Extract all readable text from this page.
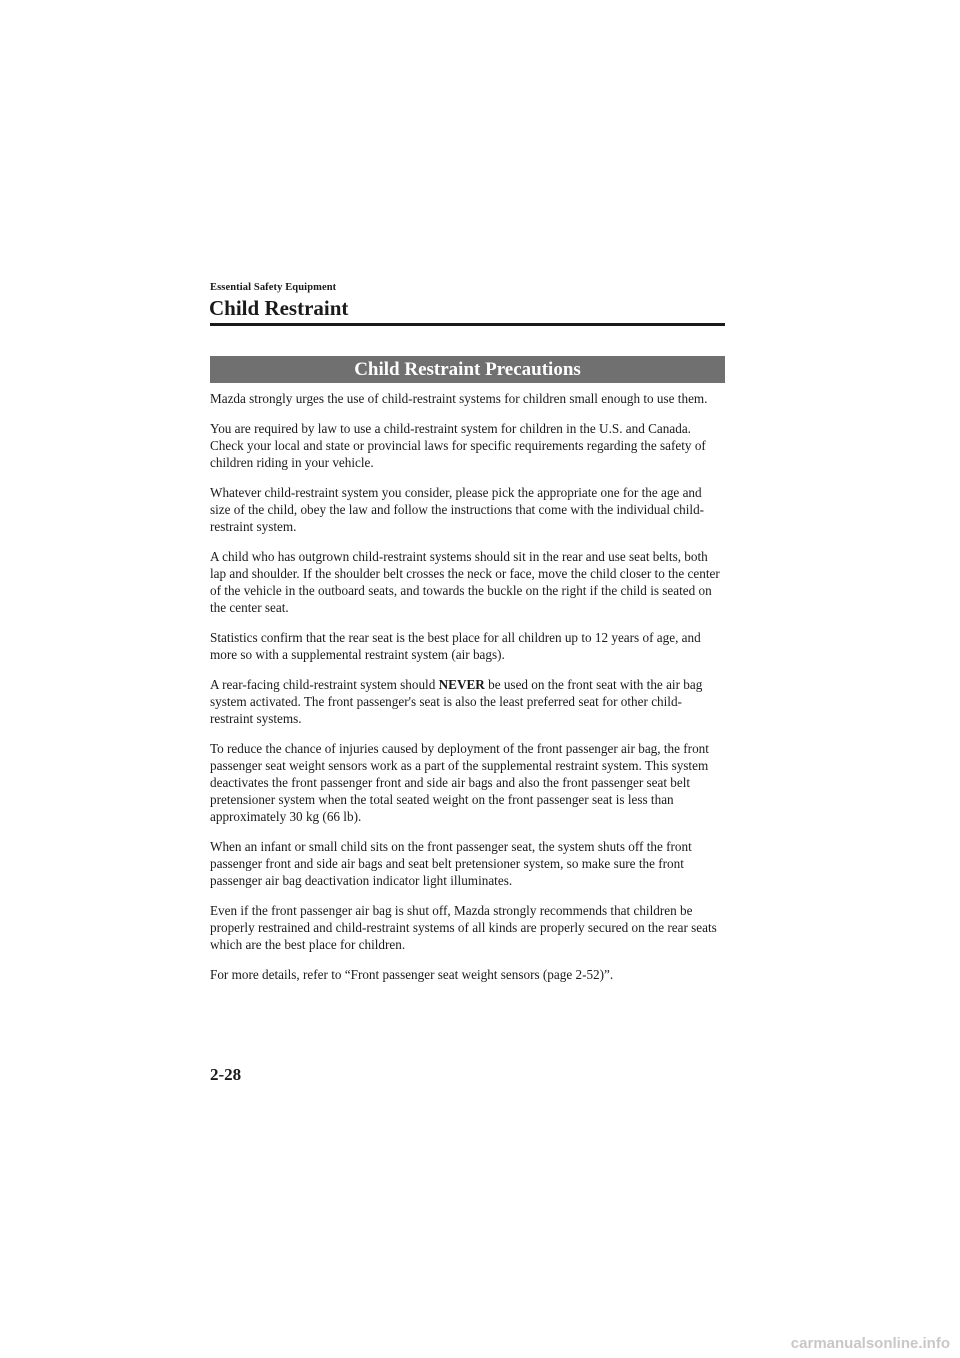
Essential Safety Equipment
Child Restraint
Child Restraint Precautions

Mazda strongly urges the use of child-restraint systems for children small enough to use them.

You are required by law to use a child-restraint system for children in the U.S. and Canada. Check your local and state or provincial laws for specific requirements regarding the safety of children riding in your vehicle.

Whatever child-restraint system you consider, please pick the appropriate one for the age and size of the child, obey the law and follow the instructions that come with the individual child-restraint system.

A child who has outgrown child-restraint systems should sit in the rear and use seat belts, both lap and shoulder. If the shoulder belt crosses the neck or face, move the child closer to the center of the vehicle in the outboard seats, and towards the buckle on the right if the child is seated on the center seat.

Statistics confirm that the rear seat is the best place for all children up to 12 years of age, and more so with a supplemental restraint system (air bags).

A rear-facing child-restraint system should NEVER be used on the front seat with the air bag system activated. The front passenger's seat is also the least preferred seat for other child-restraint systems.

To reduce the chance of injuries caused by deployment of the front passenger air bag, the front passenger seat weight sensors work as a part of the supplemental restraint system. This system deactivates the front passenger front and side air bags and also the front passenger seat belt pretensioner system when the total seated weight on the front passenger seat is less than approximately 30 kg (66 lb).

When an infant or small child sits on the front passenger seat, the system shuts off the front passenger front and side air bags and seat belt pretensioner system, so make sure the front passenger air bag deactivation indicator light illuminates.

Even if the front passenger air bag is shut off, Mazda strongly recommends that children be properly restrained and child-restraint systems of all kinds are properly secured on the rear seats which are the best place for children.

For more details, refer to “Front passenger seat weight sensors (page 2-52)”.

2-28
carmanualsonline.info
